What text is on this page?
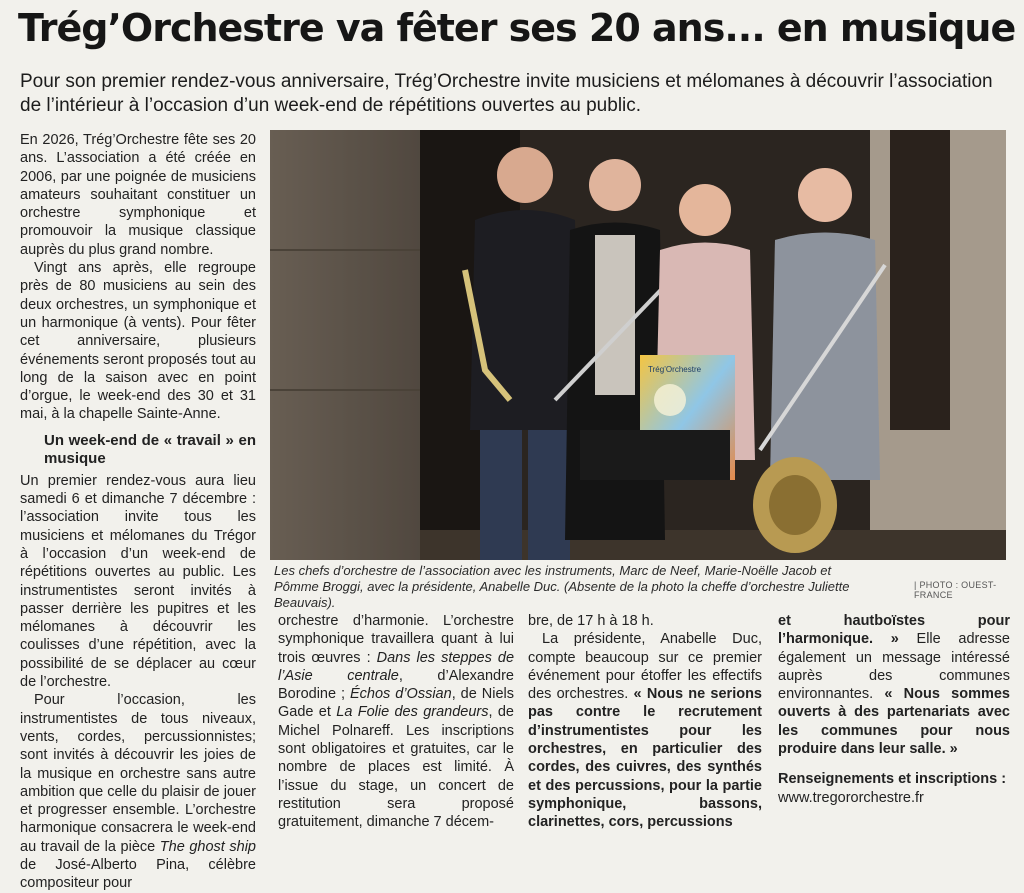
Trég’Orchestre va fêter ses 20 ans... en musique
Pour son premier rendez-vous anniversaire, Trég’Orchestre invite musiciens et mélomanes à découvrir l’association de l’intérieur à l’occasion d’un week-end de répétitions ouvertes au public.

En 2026, Trég’Orchestre fête ses 20 ans. L’association a été créée en 2006, par une poignée de musiciens amateurs souhaitant constituer un orchestre symphonique et promouvoir la musique classique auprès du plus grand nombre.

Vingt ans après, elle regroupe près de 80 musiciens au sein des deux orchestres, un symphonique et un harmonique (à vents). Pour fêter cet anniversaire, plusieurs événements seront proposés tout au long de la saison avec en point d’orgue, le week-end des 30 et 31 mai, à la chapelle Sainte-Anne.

Un week-end de « travail » en musique

Un premier rendez-vous aura lieu samedi 6 et dimanche 7 décembre : l’association invite tous les musiciens et mélomanes du Trégor à l’occasion d’un week-end de répétitions ouvertes au public. Les instrumentistes seront invités à passer derrière les pupitres et les mélomanes à découvrir les coulisses d’une répétition, avec la possibilité de se déplacer au cœur de l’orchestre.

Pour l’occasion, les instrumentistes de tous niveaux, vents, cordes, percussionnistes; sont invités à découvrir les joies de la musique en orchestre sans autre ambition que celle du plaisir de jouer et progresser ensemble. L’orchestre harmonique consacrera le week-end au travail de la pièce The ghost ship de José-Alberto Pina, célèbre compositeur pour

Trég’Orchestre
Les chefs d’orchestre de l’association avec les instruments, Marc de Neef, Marie-Noëlle Jacob et Pômme Broggi, avec la présidente, Anabelle Duc. (Absente de la photo la cheffe d’orchestre Juliette Beauvais).
| PHOTO : OUEST-FRANCE

orchestre d’harmonie. L’orchestre symphonique travaillera quant à lui trois œuvres : Dans les steppes de l’Asie centrale, d’Alexandre Borodine ; Échos d’Ossian, de Niels Gade et La Folie des grandeurs, de Michel Polnareff. Les inscriptions sont obligatoires et gratuites, car le nombre de places est limité. À l’issue du stage, un concert de restitution sera proposé gratuitement, dimanche 7 décem-

bre, de 17 h à 18 h.

La présidente, Anabelle Duc, compte beaucoup sur ce premier événement pour étoffer les effectifs des orchestres. « Nous ne serions pas contre le recrutement d’instrumentistes pour les orchestres, en particulier des cordes, des cuivres, des synthés et des percussions, pour la partie symphonique, bassons, clarinettes, cors, percussions

et hautboïstes pour l’harmonique. » Elle adresse également un message intéressé auprès des communes environnantes. « Nous sommes ouverts à des partenariats avec les communes pour nous produire dans leur salle. »

Renseignements et inscriptions :

www.tregororchestre.fr
